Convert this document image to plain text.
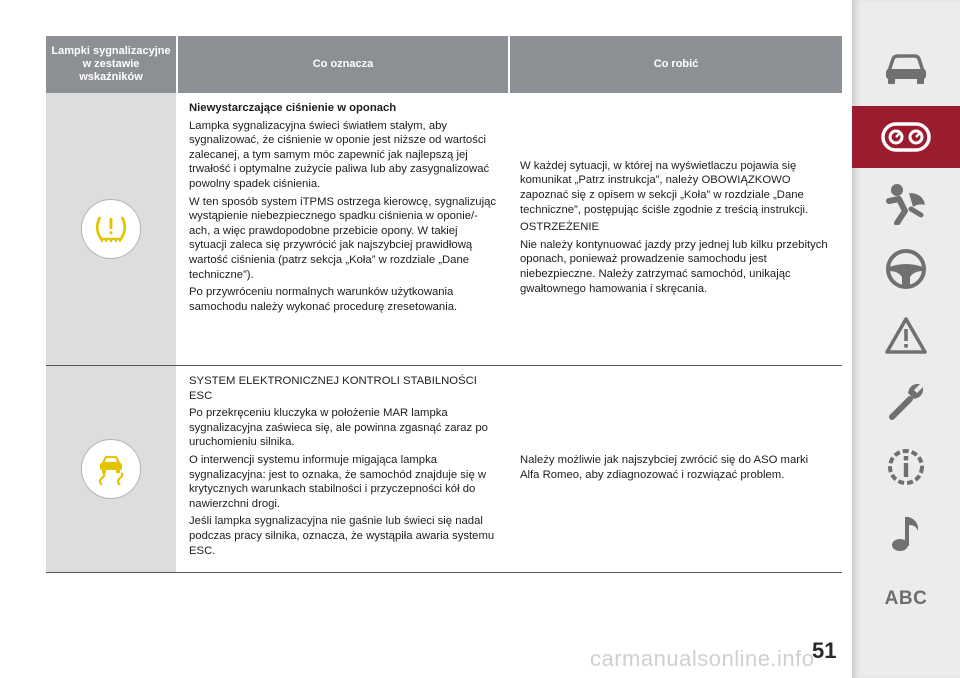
Lampki sygnalizacyjne w zestawie wskaźników
Co oznacza	Co robić

Niewystarczające ciśnienie w oponach

Lampka sygnalizacyjna świeci światłem stałym, aby sygnalizować, że ciśnienie w oponie jest niższe od wartości zalecanej, a tym samym móc zapewnić jak najlepszą jej trwałość i optymalne zużycie paliwa lub aby zasygnalizować powolny spadek ciśnienia.

W ten sposób system iTPMS ostrzega kierowcę, sygnalizując wystąpienie niebezpiecznego spadku ciśnienia w oponie/-ach, a więc prawdopodobne przebicie opony. W takiej sytuacji zaleca się przywrócić jak najszybciej prawidłową wartość ciśnienia (patrz sekcja „Koła” w rozdziale „Dane techniczne”).

Po przywróceniu normalnych warunków użytkowania samochodu należy wykonać procedurę zresetowania.

W każdej sytuacji, w której na wyświetlaczu pojawia się komunikat „Patrz instrukcja”, należy OBOWIĄZKOWO zapoznać się z opisem w sekcji „Koła” w rozdziale „Dane techniczne”, postępując ściśle zgodnie z treścią instrukcji.

OSTRZEŻENIE

Nie należy kontynuować jazdy przy jednej lub kilku przebitych oponach, ponieważ prowadzenie samochodu jest niebezpieczne. Należy zatrzymać samochód, unikając gwałtownego hamowania i skręcania.

SYSTEM ELEKTRONICZNEJ KONTROLI STABILNOŚCI ESC

Po przekręceniu kluczyka w położenie MAR lampka sygnalizacyjna zaświeca się, ale powinna zgasnąć zaraz po uruchomieniu silnika.

O interwencji systemu informuje migająca lampka sygnalizacyjna: jest to oznaka, że samochód znajduje się w krytycznych warunkach stabilności i przyczepności kół do nawierzchni drogi.

Jeśli lampka sygnalizacyjna nie gaśnie lub świeci się nadal podczas pracy silnika, oznacza, że wystąpiła awaria systemu ESC.

Należy możliwie jak najszybciej zwrócić się do ASO marki Alfa Romeo, aby zdiagnozować i rozwiązać problem.

ABC
51
carmanualsonline.info
